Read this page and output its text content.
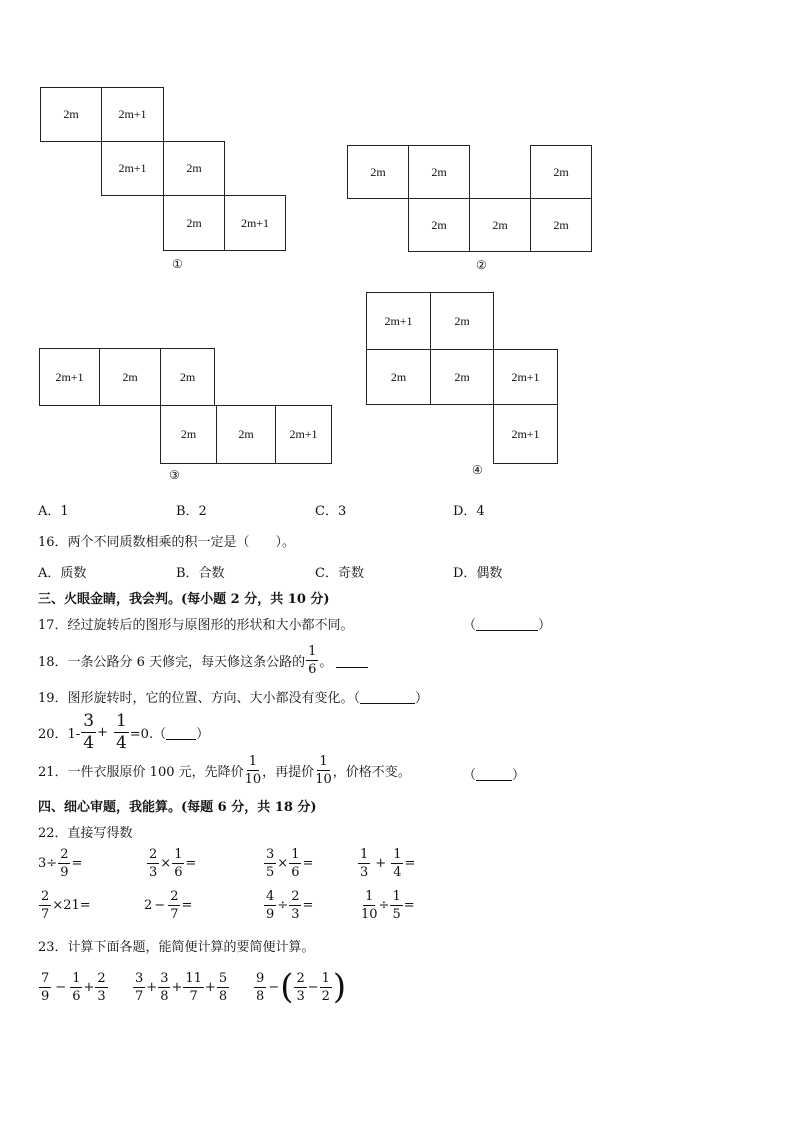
2m	2m+1
2m+1	2m
2m	2m+1
①
2m	2m	2m
2m	2m	2m
②
2m+1	2m	2m
2m	2m	2m+1
③
2m+1	2m
2m	2m	2m+1
2m+1
④
A．1	B．2	C．3	D．4
16．两个不同质数相乘的积一定是（　　）。
A．质数	B．合数	C．奇数	D．偶数
三、火眼金睛，我会判。(每小题 2 分，共 10 分)
17．经过旋转后的图形与原图形的形状和大小都不同。	（	）
18．一条公路分 6 天修完，每天修这条公路的 $\frac{1}{6}$ 。
19．图形旋转时，它的位置、方向、大小都没有变化。（	）
20．$1- \frac{3}{4} + \frac{1}{4} =0$.（ ）
21．一件衣服原价 100 元，先降价 $\frac{1}{10}$ ，再提价 $\frac{1}{10}$ ，价格不变。	（	）
四、细心审题，我能算。(每题 6 分，共 18 分)
22．直接写得数
$3 \div \frac{2}{9}$ =	$\frac{2}{3} \times \frac{1}{6}$ =	$\frac{3}{5} \times \frac{1}{6}$ =	$\frac{1}{3} + \frac{1}{4}$ =
$\frac{2}{7} \times 21$ =	$2 - \frac{2}{7}$ =	$\frac{4}{9} \div \frac{2}{3}$ =	$\frac{1}{10} \div \frac{1}{5}$ =
23．计算下面各题，能简便计算的要简便计算。
$\frac{7}{9} - \frac{1}{6} + \frac{2}{3} \frac{3}{7} + \frac{3}{8} + \frac{11}{7} + \frac{5}{8} \frac{9}{8}$ − ( $\frac{2}{3} - \frac{1}{2}$ )
